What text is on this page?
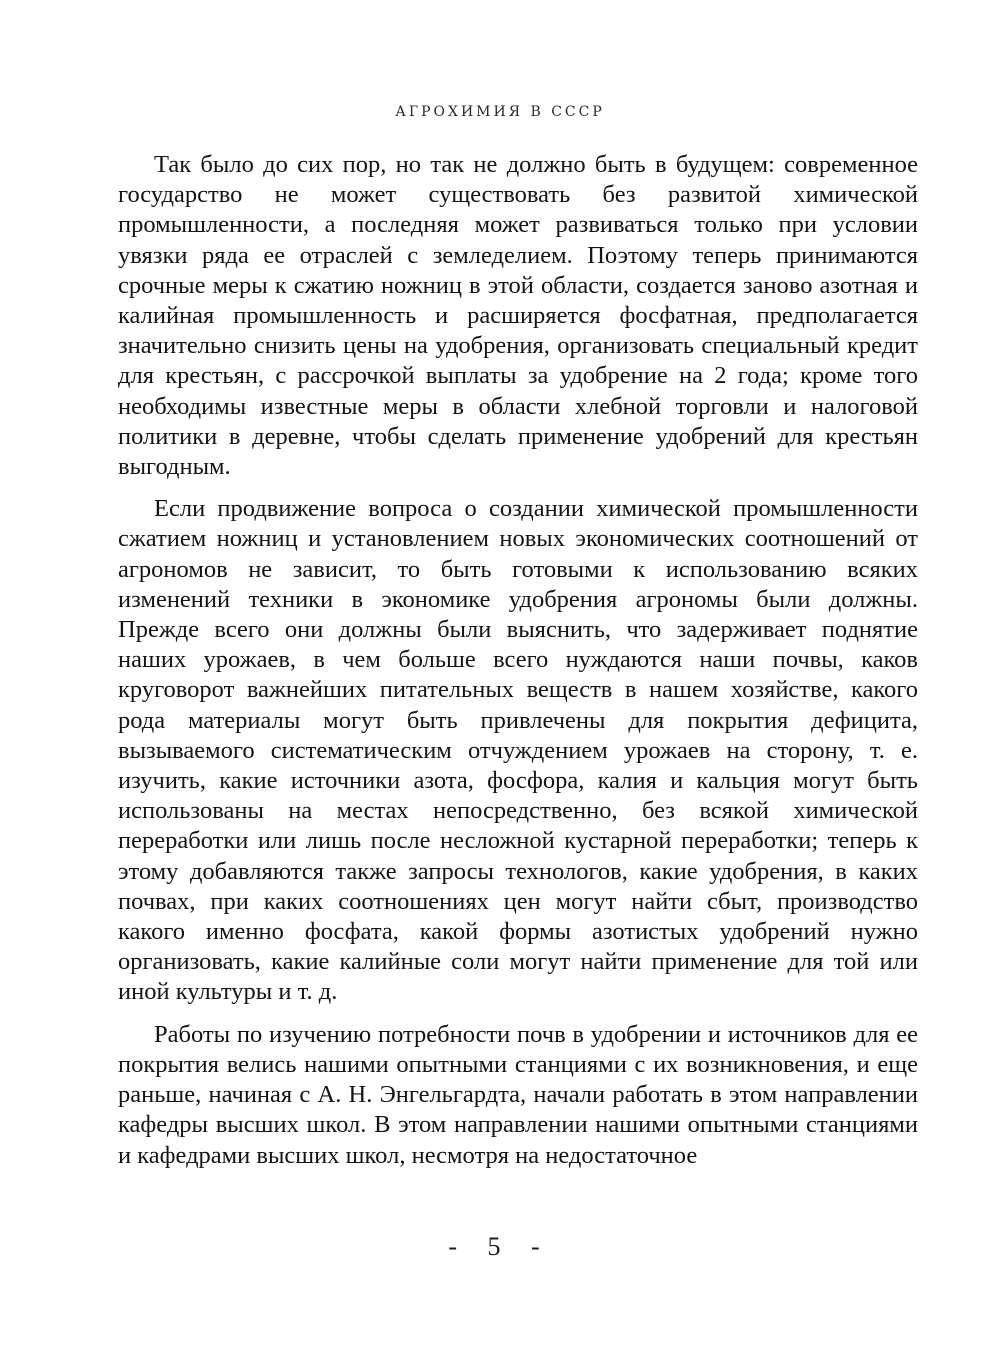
АГРОХИМИЯ В СССР

Так было до сих пор, но так не должно быть в будущем: современное государство не может существовать без развитой химической промышленности, а последняя может развиваться только при условии увязки ряда ее отраслей с земледелием. Поэтому теперь принимаются срочные меры к сжатию ножниц в этой области, создается заново азотная и калийная промышленность и расширяется фосфатная, предполагается значительно снизить цены на удобрения, организовать специальный кредит для крестьян, с рассрочкой выплаты за удобрение на 2 года; кроме того необходимы известные меры в области хлебной торговли и налоговой политики в деревне, чтобы сделать применение удобрений для крестьян выгодным.

Если продвижение вопроса о создании химической промышленности сжатием ножниц и установлением новых экономических соотношений от агрономов не зависит, то быть готовыми к использованию всяких изменений техники в экономике удобрения агрономы были должны. Прежде всего они должны были выяснить, что задерживает поднятие наших урожаев, в чем больше всего нуждаются наши почвы, каков круговорот важнейших питательных веществ в нашем хозяйстве, какого рода материалы могут быть привлечены для покрытия дефицита, вызываемого систематическим отчуждением урожаев на сторону, т. е. изучить, какие источники азота, фосфора, калия и кальция могут быть использованы на местах непосредственно, без всякой химической переработки или лишь после несложной кустарной переработки; теперь к этому добавляются также запросы технологов, какие удобрения, в каких почвах, при каких соотношениях цен могут найти сбыт, производство какого именно фосфата, какой формы азотистых удобрений нужно организовать, какие калийные соли могут найти применение для той или иной культуры и т. д.

Работы по изучению потребности почв в удобрении и источников для ее покрытия велись нашими опытными станциями с их возникновения, и еще раньше, начиная с А. Н. Энгельгардта, начали работать в этом направлении кафедры высших школ. В этом направлении нашими опытными станциями и кафедрами высших школ, несмотря на недостаточное

- 5 -
